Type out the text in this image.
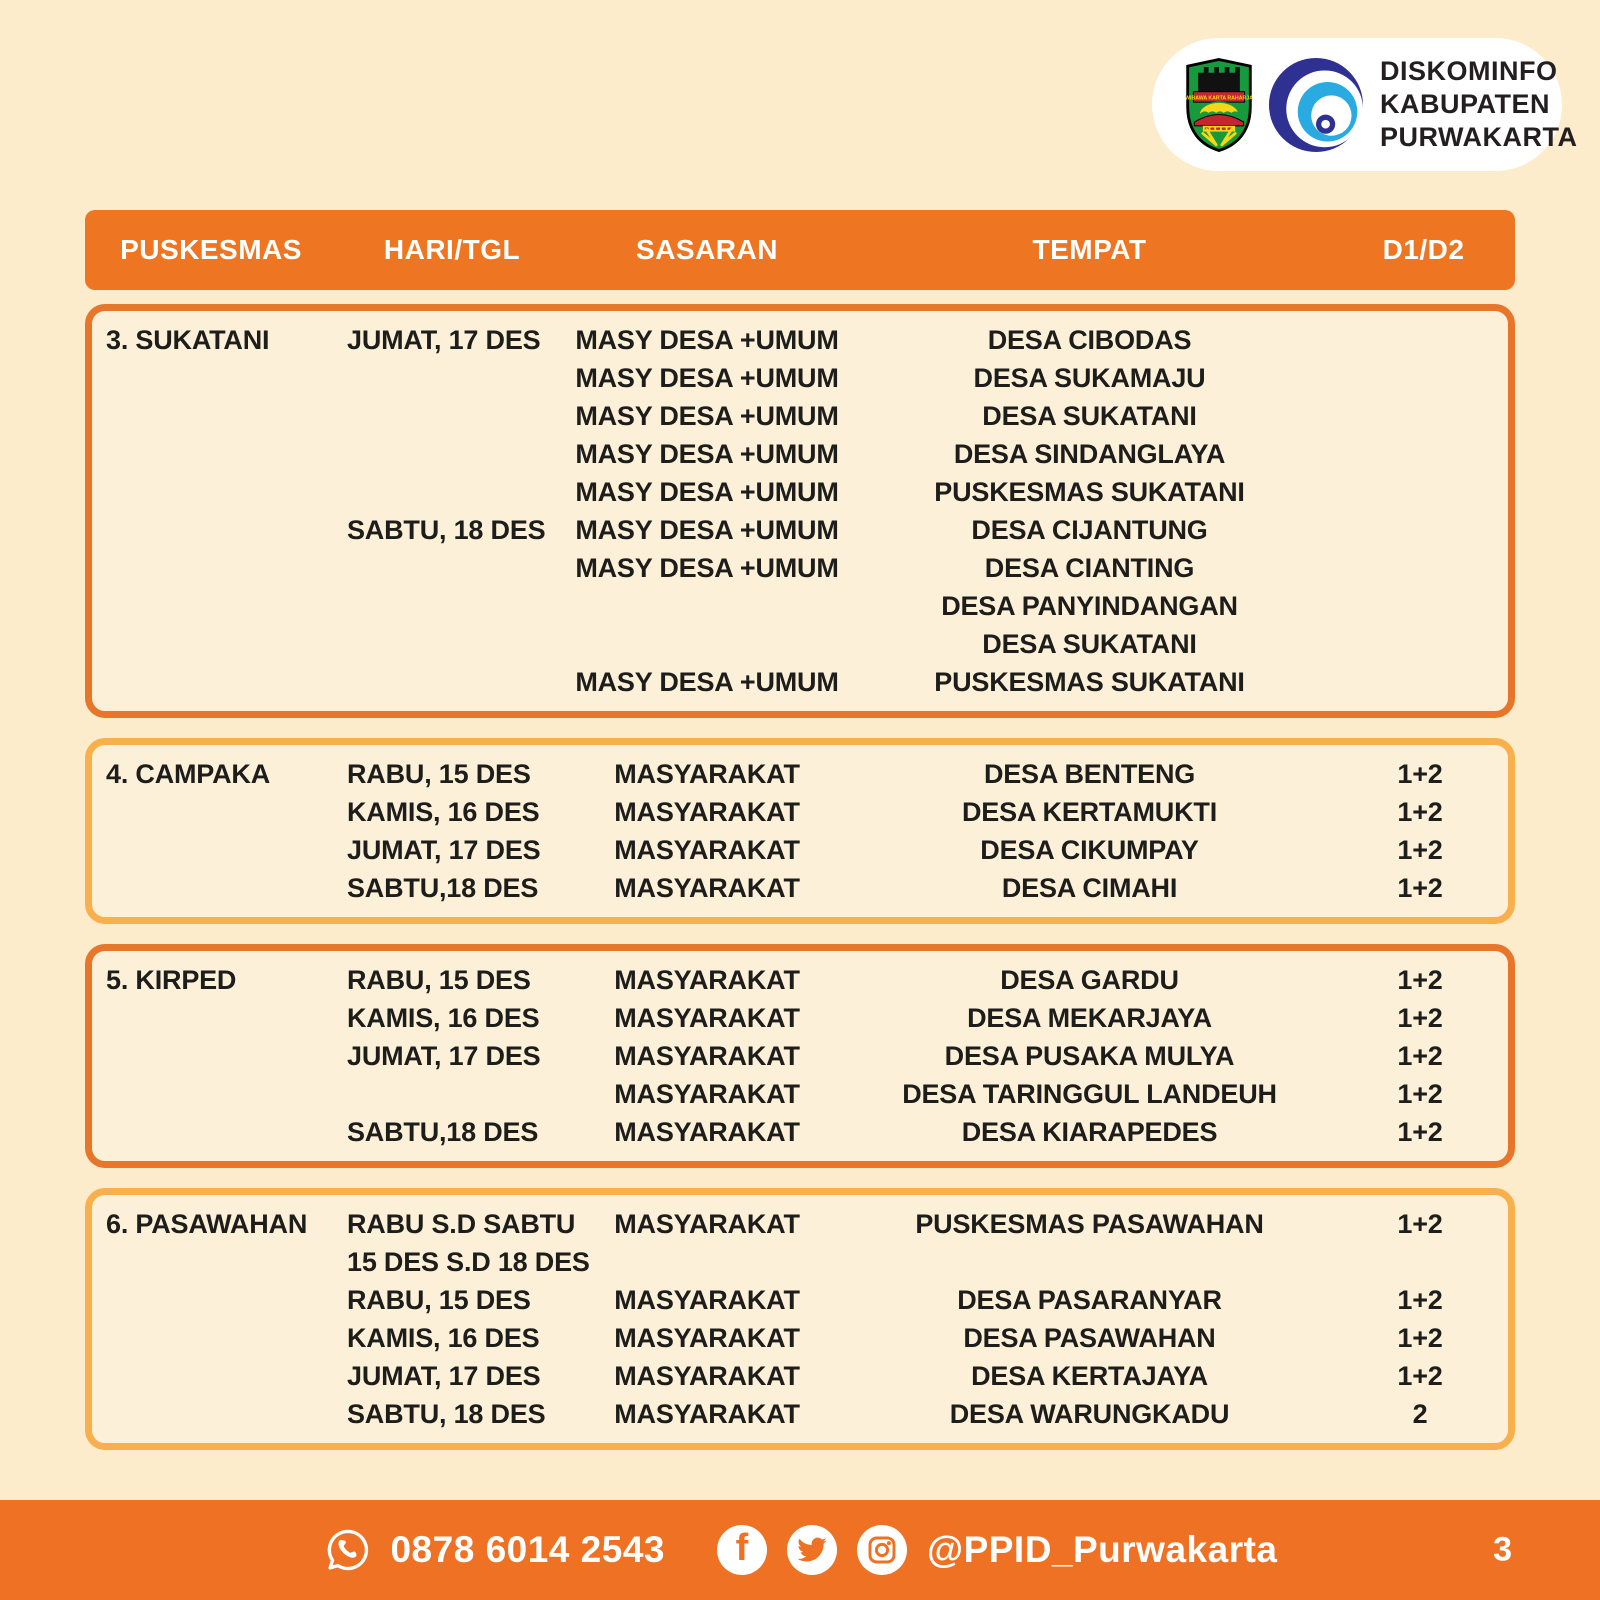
WIBAWA KARTA RAHARJA
DISKOMINFO
KABUPATEN
PURWAKARTA
PUSKESMAS	HARI/TGL	SASARAN	TEMPAT	D1/D2
3. SUKATANI	JUMAT, 17 DES	MASY DESA +UMUM	DESA CIBODAS
MASY DESA +UMUM	DESA SUKAMAJU
MASY DESA +UMUM	DESA SUKATANI
MASY DESA +UMUM	DESA SINDANGLAYA
MASY DESA +UMUM	PUSKESMAS SUKATANI
SABTU, 18 DES	MASY DESA +UMUM	DESA CIJANTUNG
MASY DESA +UMUM	DESA CIANTING
DESA PANYINDANGAN
DESA SUKATANI
MASY DESA +UMUM	PUSKESMAS SUKATANI
4. CAMPAKA	RABU, 15 DES	MASYARAKAT	DESA BENTENG	1+2
KAMIS, 16 DES	MASYARAKAT	DESA KERTAMUKTI	1+2
JUMAT, 17 DES	MASYARAKAT	DESA CIKUMPAY	1+2
SABTU,18 DES	MASYARAKAT	DESA CIMAHI	1+2
5. KIRPED	RABU, 15 DES	MASYARAKAT	DESA GARDU	1+2
KAMIS, 16 DES	MASYARAKAT	DESA MEKARJAYA	1+2
JUMAT, 17 DES	MASYARAKAT	DESA PUSAKA MULYA	1+2
MASYARAKAT	DESA TARINGGUL LANDEUH	1+2
SABTU,18 DES	MASYARAKAT	DESA KIARAPEDES	1+2
6. PASAWAHAN	RABU S.D SABTU	MASYARAKAT	PUSKESMAS PASAWAHAN	1+2
15 DES S.D 18 DES
RABU, 15 DES	MASYARAKAT	DESA PASARANYAR	1+2
KAMIS, 16 DES	MASYARAKAT	DESA PASAWAHAN	1+2
JUMAT, 17 DES	MASYARAKAT	DESA KERTAJAYA	1+2
SABTU, 18 DES	MASYARAKAT	DESA WARUNGKADU	2
0878 6014 2543 f	@PPID_Purwakarta	3
